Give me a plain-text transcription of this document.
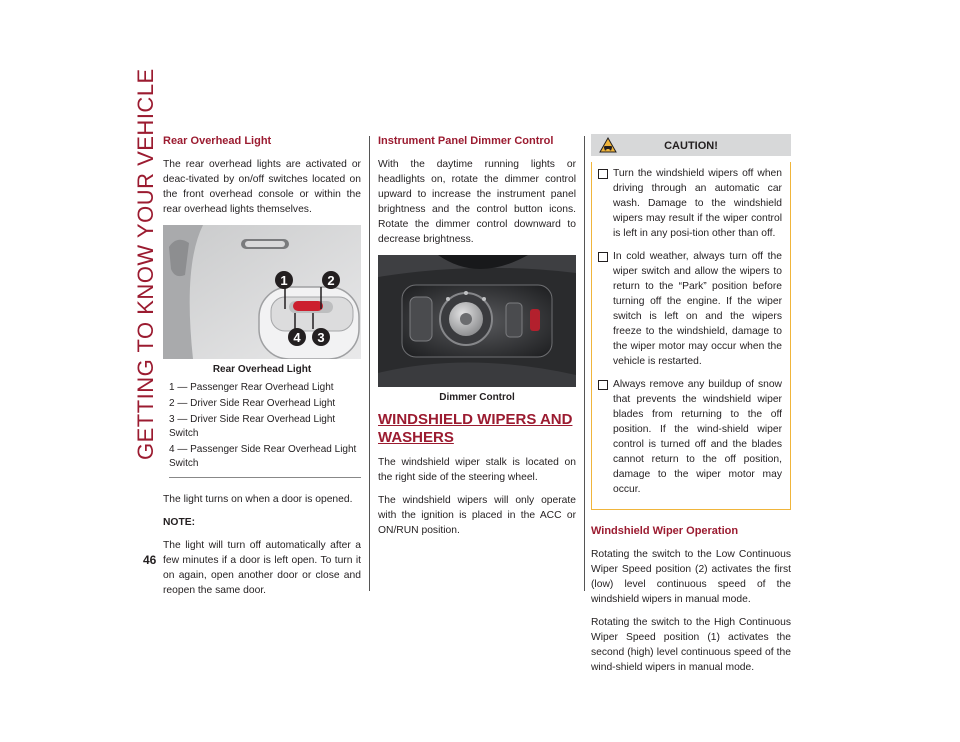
GETTING TO KNOW YOUR VEHICLE
46
Rear Overhead Light

The rear overhead lights are activated or deac-tivated by on/off switches located on the front overhead console or within the rear overhead lights themselves.

1	2
3
4
Rear Overhead Light
1 — Passenger Rear Overhead Light
2 — Driver Side Rear Overhead Light
3 — Driver Side Rear Overhead Light Switch
4 — Passenger Side Rear Overhead Light Switch

The light turns on when a door is opened.

NOTE:

The light will turn off automatically after a few minutes if a door is left open. To turn it on again, open another door or close and reopen the same door.

Instrument Panel Dimmer Control

With the daytime running lights or headlights on, rotate the dimmer control upward to increase the instrument panel brightness and the control button icons. Rotate the dimmer control downward to decrease brightness.

Dimmer Control
WINDSHIELD WIPERS AND
WASHERS

The windshield wiper stalk is located on the right side of the steering wheel.

The windshield wipers will only operate with the ignition is placed in the ACC or ON/RUN position.

CAUTION!
Turn the windshield wipers off when driving through an automatic car wash. Damage to the windshield wipers may result if the wiper control is left in any posi-tion other than off.
In cold weather, always turn off the wiper switch and allow the wipers to return to the “Park” position before turning off the engine. If the wiper switch is left on and the wipers freeze to the windshield, damage to the wiper motor may occur when the vehicle is restarted.
Always remove any buildup of snow that prevents the windshield wiper blades from returning to the off position. If the wind-shield wiper control is turned off and the blades cannot return to the off position, damage to the wiper motor may occur.
Windshield Wiper Operation

Rotating the switch to the Low Continuous Wiper Speed position (2) activates the first (low) level continuous speed of the windshield wipers in manual mode.

Rotating the switch to the High Continuous Wiper Speed position (1) activates the second (high) level continuous speed of the wind-shield wipers in manual mode.
